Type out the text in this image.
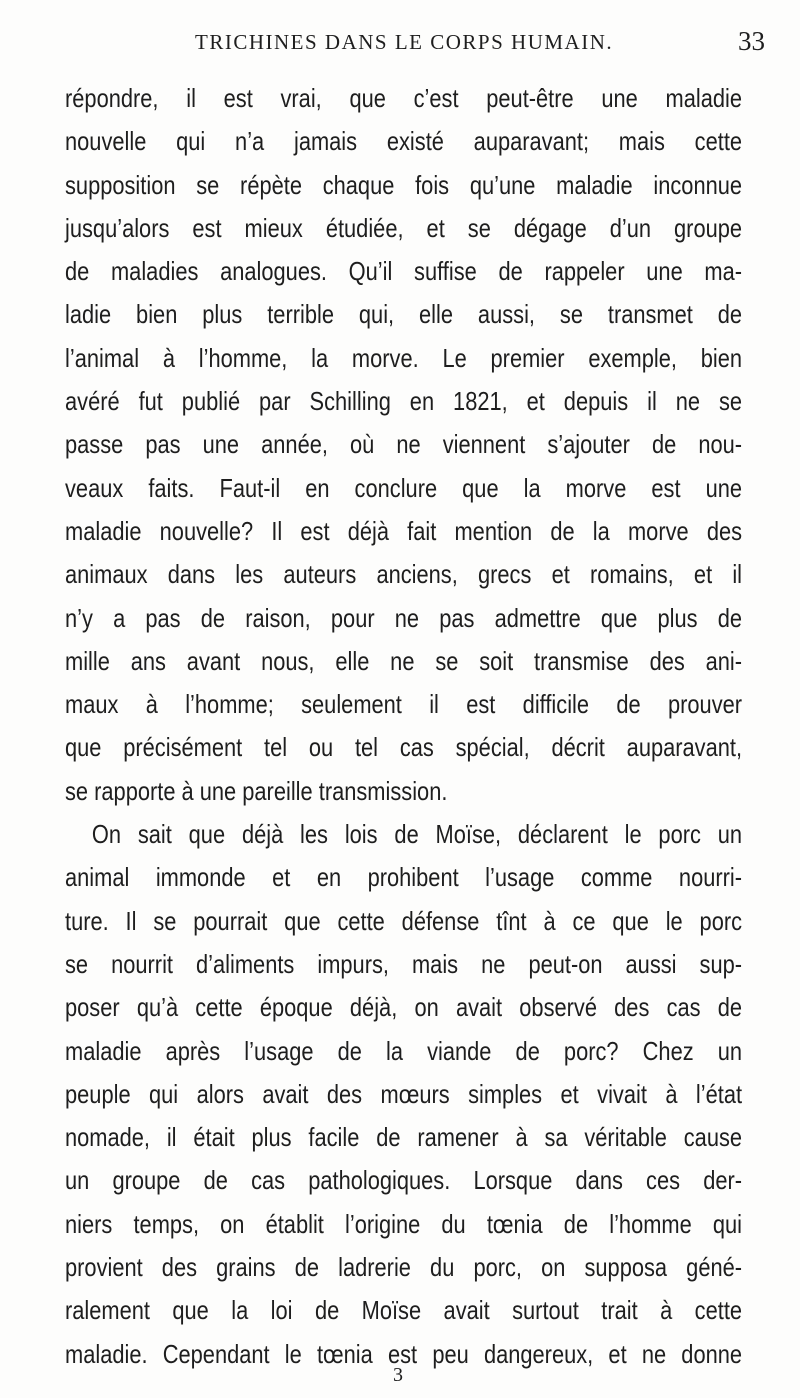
TRICHINES DANS LE CORPS HUMAIN.	33
répondre, il est vrai, que c’est peut-être une maladie
nouvelle qui n’a jamais existé auparavant; mais cette
supposition se répète chaque fois qu’une maladie inconnue
jusqu’alors est mieux étudiée, et se dégage d’un groupe
de maladies analogues. Qu’il suffise de rappeler une ma-
ladie bien plus terrible qui, elle aussi, se transmet de
l’animal à l’homme, la morve. Le premier exemple, bien
avéré fut publié par Schilling en 1821, et depuis il ne se
passe pas une année, où ne viennent s’ajouter de nou-
veaux faits. Faut-il en conclure que la morve est une
maladie nouvelle? Il est déjà fait mention de la morve des
animaux dans les auteurs anciens, grecs et romains, et il
n’y a pas de raison, pour ne pas admettre que plus de
mille ans avant nous, elle ne se soit transmise des ani-
maux à l’homme; seulement il est difficile de prouver
que précisément tel ou tel cas spécial, décrit auparavant,
se rapporte à une pareille transmission.
On sait que déjà les lois de Moïse, déclarent le porc un
animal immonde et en prohibent l’usage comme nourri-
ture. Il se pourrait que cette défense tînt à ce que le porc
se nourrit d’aliments impurs, mais ne peut-on aussi sup-
poser qu’à cette époque déjà, on avait observé des cas de
maladie après l’usage de la viande de porc? Chez un
peuple qui alors avait des mœurs simples et vivait à l’état
nomade, il était plus facile de ramener à sa véritable cause
un groupe de cas pathologiques. Lorsque dans ces der-
niers temps, on établit l’origine du tœnia de l’homme qui
provient des grains de ladrerie du porc, on supposa géné-
ralement que la loi de Moïse avait surtout trait à cette
maladie. Cependant le tœnia est peu dangereux, et ne donne
3
